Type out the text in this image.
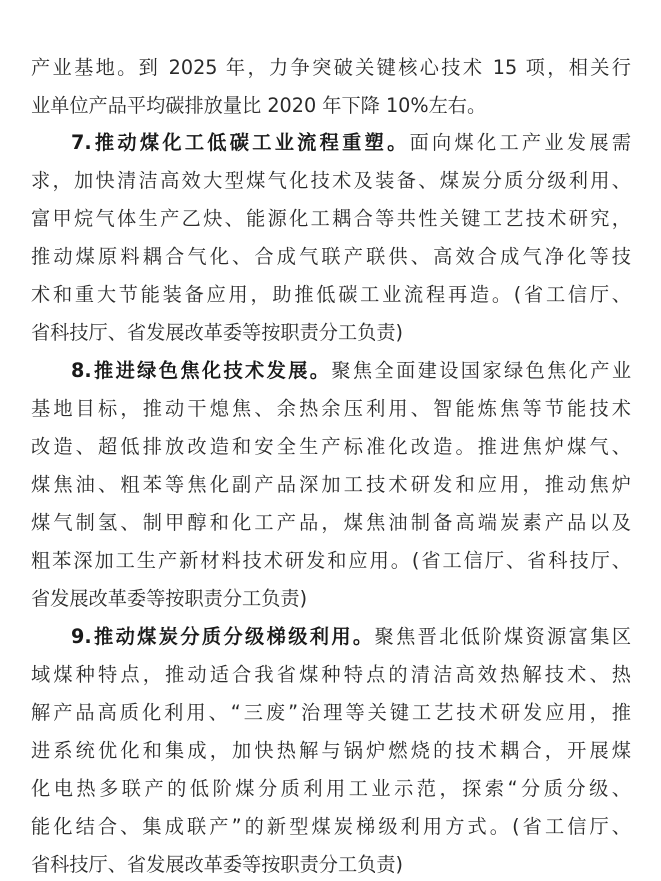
产业基地。到 2025 年，力争突破关键核心技术 15 项，相关行
业单位产品平均碳排放量比 2020 年下降 10%左右。
7.推动煤化工低碳工业流程重塑。面向煤化工产业发展需
求，加快清洁高效大型煤气化技术及装备、煤炭分质分级利用、
富甲烷气体生产乙炔、能源化工耦合等共性关键工艺技术研究，
推动煤原料耦合气化、合成气联产联供、高效合成气净化等技
术和重大节能装备应用，助推低碳工业流程再造。(省工信厅、
省科技厅、省发展改革委等按职责分工负责)
8.推进绿色焦化技术发展。聚焦全面建设国家绿色焦化产业
基地目标，推动干熄焦、余热余压利用、智能炼焦等节能技术
改造、超低排放改造和安全生产标准化改造。推进焦炉煤气、
煤焦油、粗苯等焦化副产品深加工技术研发和应用，推动焦炉
煤气制氢、制甲醇和化工产品，煤焦油制备高端炭素产品以及
粗苯深加工生产新材料技术研发和应用。(省工信厅、省科技厅、
省发展改革委等按职责分工负责)
9.推动煤炭分质分级梯级利用。聚焦晋北低阶煤资源富集区
域煤种特点，推动适合我省煤种特点的清洁高效热解技术、热
解产品高质化利用、“三废”治理等关键工艺技术研发应用，推
进系统优化和集成，加快热解与锅炉燃烧的技术耦合，开展煤
化电热多联产的低阶煤分质利用工业示范，探索“分质分级、
能化结合、集成联产”的新型煤炭梯级利用方式。(省工信厅、
省科技厅、省发展改革委等按职责分工负责)
